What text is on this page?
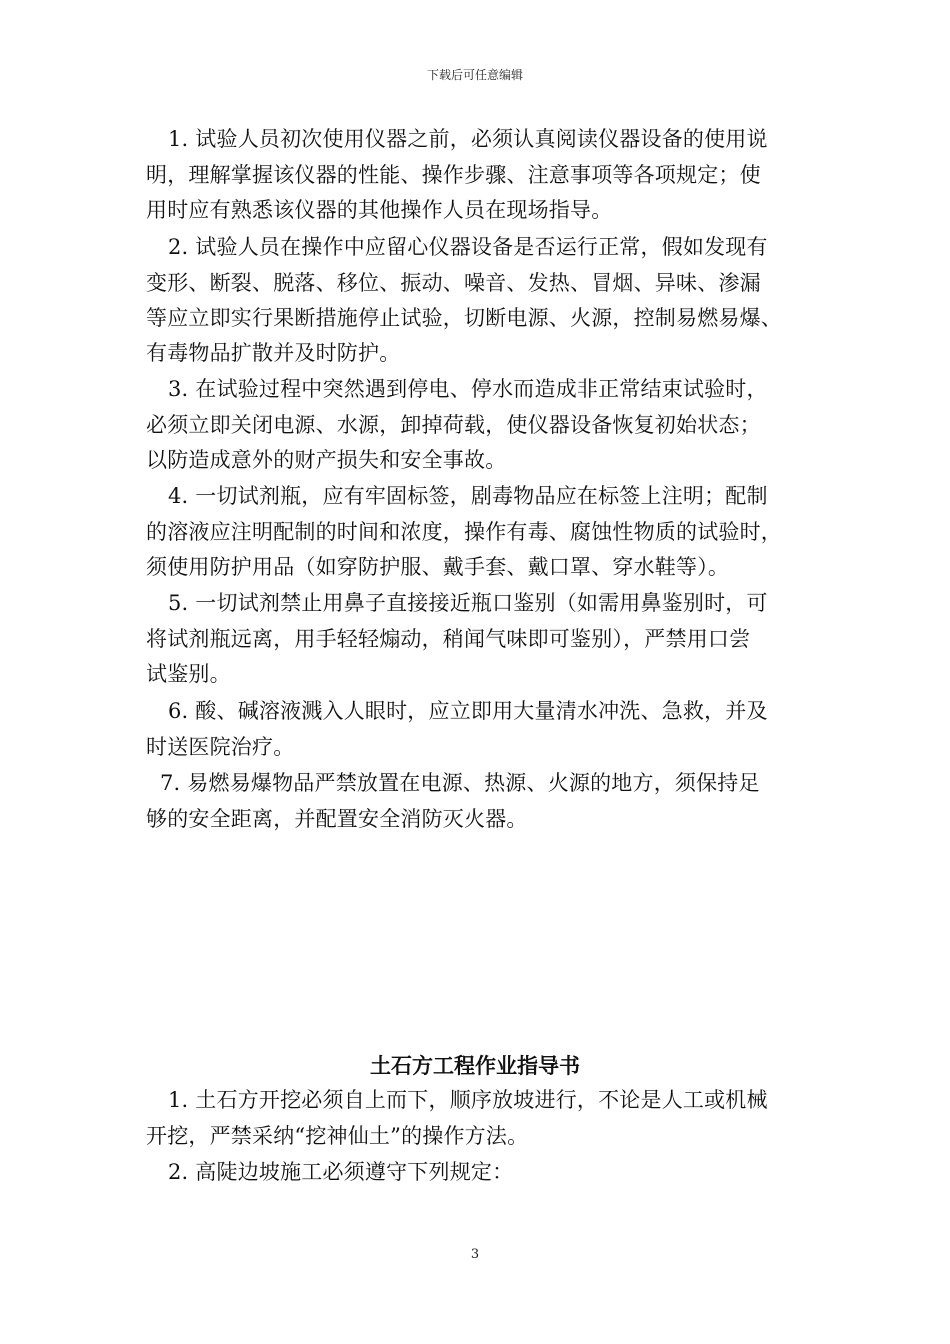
下载后可任意编辑
1. 试验人员初次使用仪器之前，必须认真阅读仪器设备的使用说
明，理解掌握该仪器的性能、操作步骤、注意事项等各项规定；使
用时应有熟悉该仪器的其他操作人员在现场指导。
2. 试验人员在操作中应留心仪器设备是否运行正常，假如发现有
变形、断裂、脱落、移位、振动、噪音、发热、冒烟、异味、渗漏
等应立即实行果断措施停止试验，切断电源、火源，控制易燃易爆、
有毒物品扩散并及时防护。
3. 在试验过程中突然遇到停电、停水而造成非正常结束试验时，
必须立即关闭电源、水源，卸掉荷载，使仪器设备恢复初始状态；
以防造成意外的财产损失和安全事故。
4. 一切试剂瓶，应有牢固标签，剧毒物品应在标签上注明；配制
的溶液应注明配制的时间和浓度，操作有毒、腐蚀性物质的试验时，
须使用防护用品（如穿防护服、戴手套、戴口罩、穿水鞋等）。
5. 一切试剂禁止用鼻子直接接近瓶口鉴别（如需用鼻鉴别时，可
将试剂瓶远离，用手轻轻煽动，稍闻气味即可鉴别），严禁用口尝
试鉴别。
6. 酸、碱溶液溅入人眼时，应立即用大量清水冲洗、急救，并及
时送医院治疗。
7. 易燃易爆物品严禁放置在电源、热源、火源的地方，须保持足
够的安全距离，并配置安全消防灭火器。
1. 土石方开挖必须自上而下，顺序放坡进行，不论是人工或机械
开挖，严禁采纳“挖神仙土”的操作方法。
2. 高陡边坡施工必须遵守下列规定：
土石方工程作业指导书
3
